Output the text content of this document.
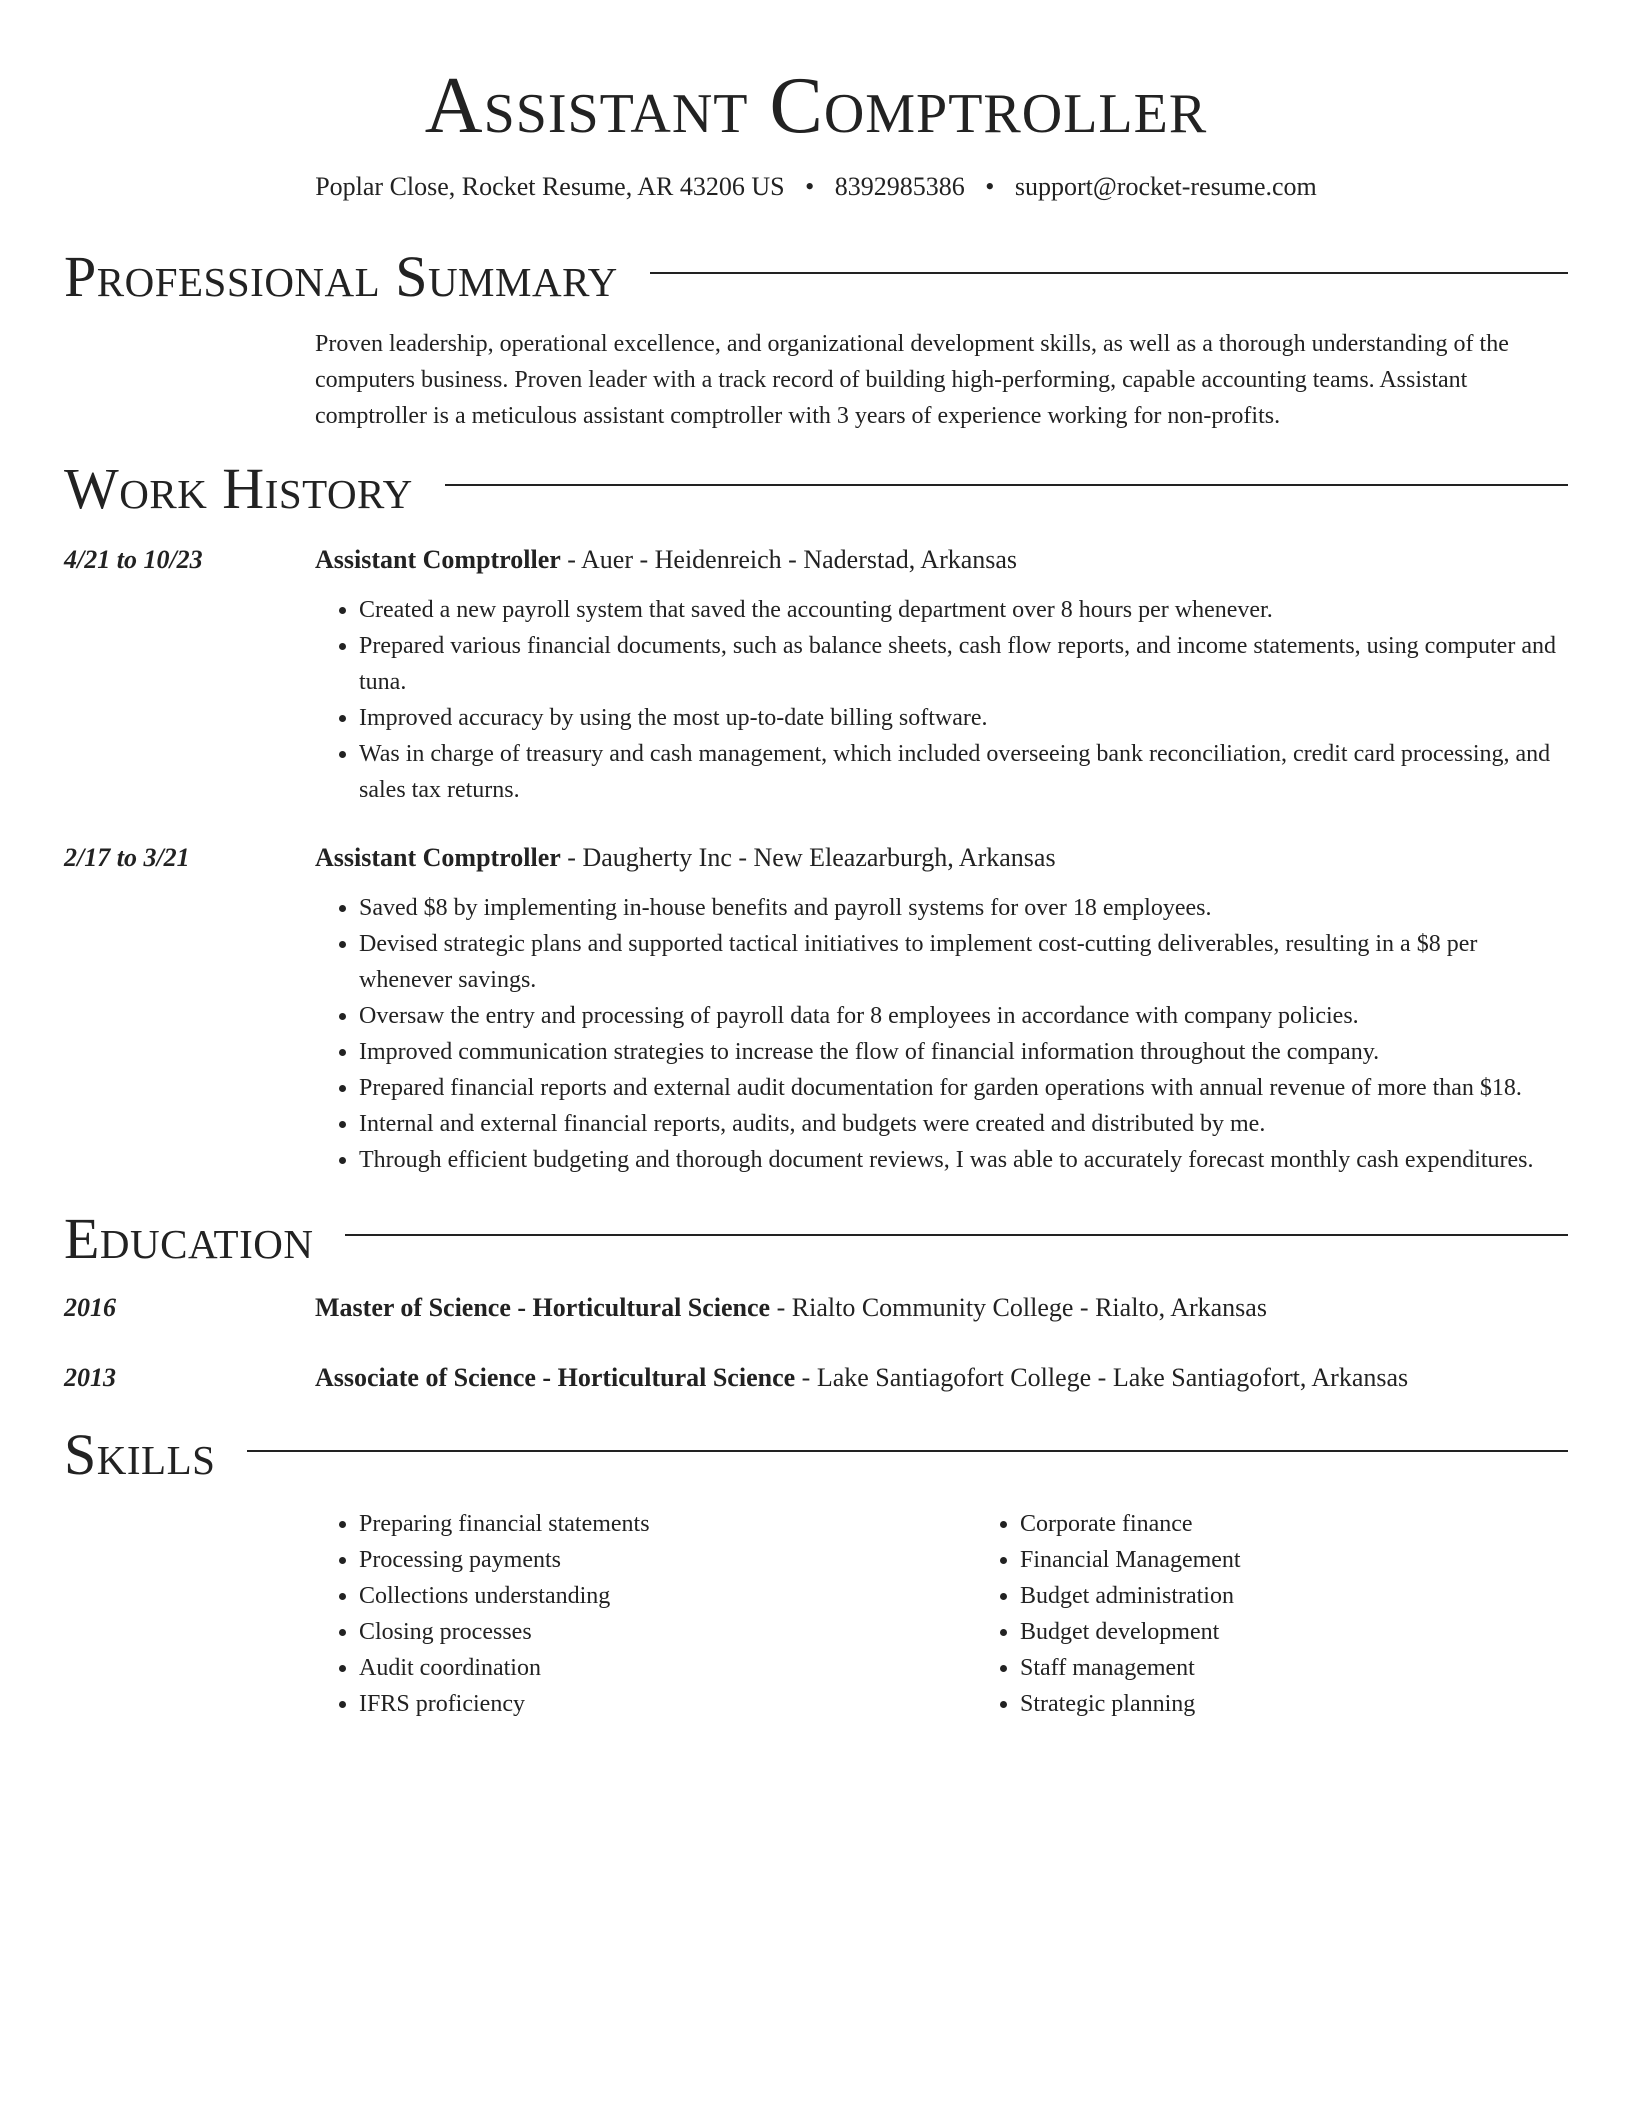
Assistant Comptroller
Poplar Close, Rocket Resume, AR 43206 US • 8392985386 • support@rocket-resume.com
Professional Summary
Proven leadership, operational excellence, and organizational development skills, as well as a thorough understanding of the computers business. Proven leader with a track record of building high-performing, capable accounting teams. Assistant comptroller is a meticulous assistant comptroller with 3 years of experience working for non-profits.
Work History
4/21 to 10/23	Assistant Comptroller - Auer - Heidenreich - Naderstad, Arkansas
• Created a new payroll system that saved the accounting department over 8 hours per whenever.
• Prepared various financial documents, such as balance sheets, cash flow reports, and income statements, using computer and tuna.
• Improved accuracy by using the most up-to-date billing software.
• Was in charge of treasury and cash management, which included overseeing bank reconciliation, credit card processing, and sales tax returns.
2/17 to 3/21	Assistant Comptroller - Daugherty Inc - New Eleazarburgh, Arkansas
• Saved $8 by implementing in-house benefits and payroll systems for over 18 employees.
• Devised strategic plans and supported tactical initiatives to implement cost-cutting deliverables, resulting in a $8 per whenever savings.
• Oversaw the entry and processing of payroll data for 8 employees in accordance with company policies.
• Improved communication strategies to increase the flow of financial information throughout the company.
• Prepared financial reports and external audit documentation for garden operations with annual revenue of more than $18.
• Internal and external financial reports, audits, and budgets were created and distributed by me.
• Through efficient budgeting and thorough document reviews, I was able to accurately forecast monthly cash expenditures.
Education
2016	Master of Science - Horticultural Science - Rialto Community College - Rialto, Arkansas
2013	Associate of Science - Horticultural Science - Lake Santiagofort College - Lake Santiagofort, Arkansas
Skills
• Preparing financial statements
• Processing payments
• Collections understanding
• Closing processes
• Audit coordination
• IFRS proficiency
• Corporate finance
• Financial Management
• Budget administration
• Budget development
• Staff management
• Strategic planning
